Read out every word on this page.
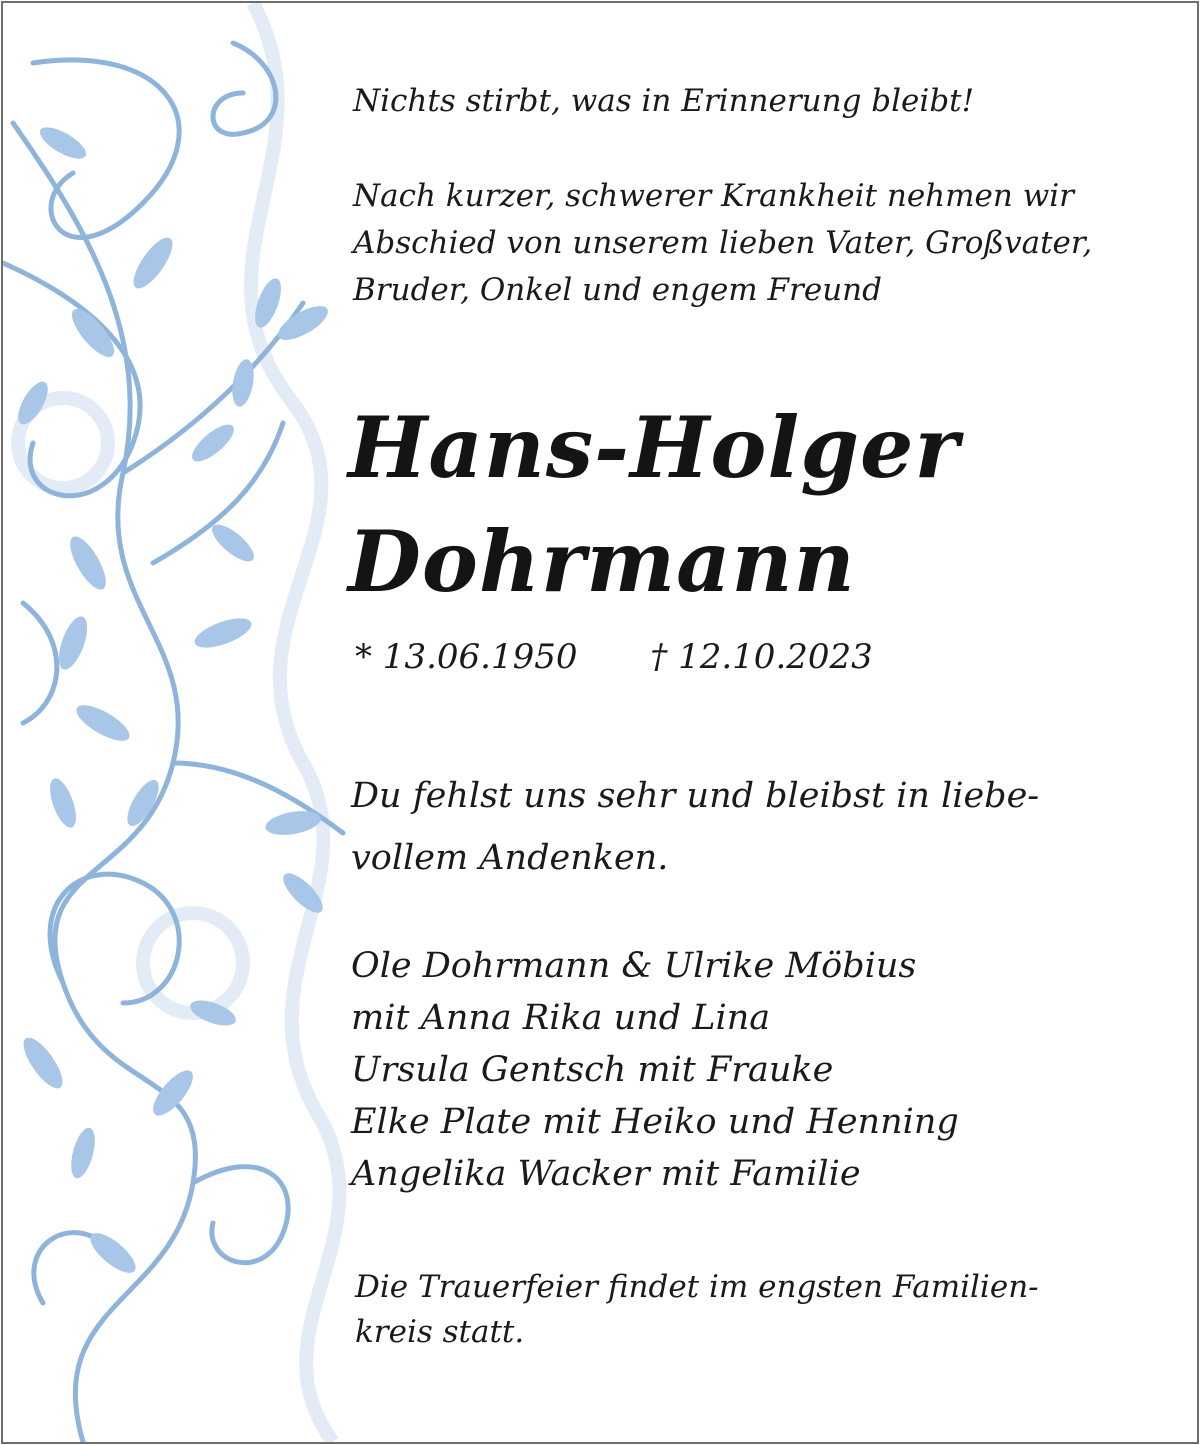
Nichts stirbt, was in Erinnerung bleibt!
Nach kurzer, schwerer Krankheit nehmen wir
Abschied von unserem lieben Vater, Großvater,
Bruder, Onkel und engem Freund
Hans-Holger
Dohrmann
* 13.06.1950 † 12.10.2023
Du fehlst uns sehr und bleibst in liebe-
vollem Andenken.
Ole Dohrmann & Ulrike Möbius
mit Anna Rika und Lina
Ursula Gentsch mit Frauke
Elke Plate mit Heiko und Henning
Angelika Wacker mit Familie
Die Trauerfeier findet im engsten Familien-
kreis statt.
